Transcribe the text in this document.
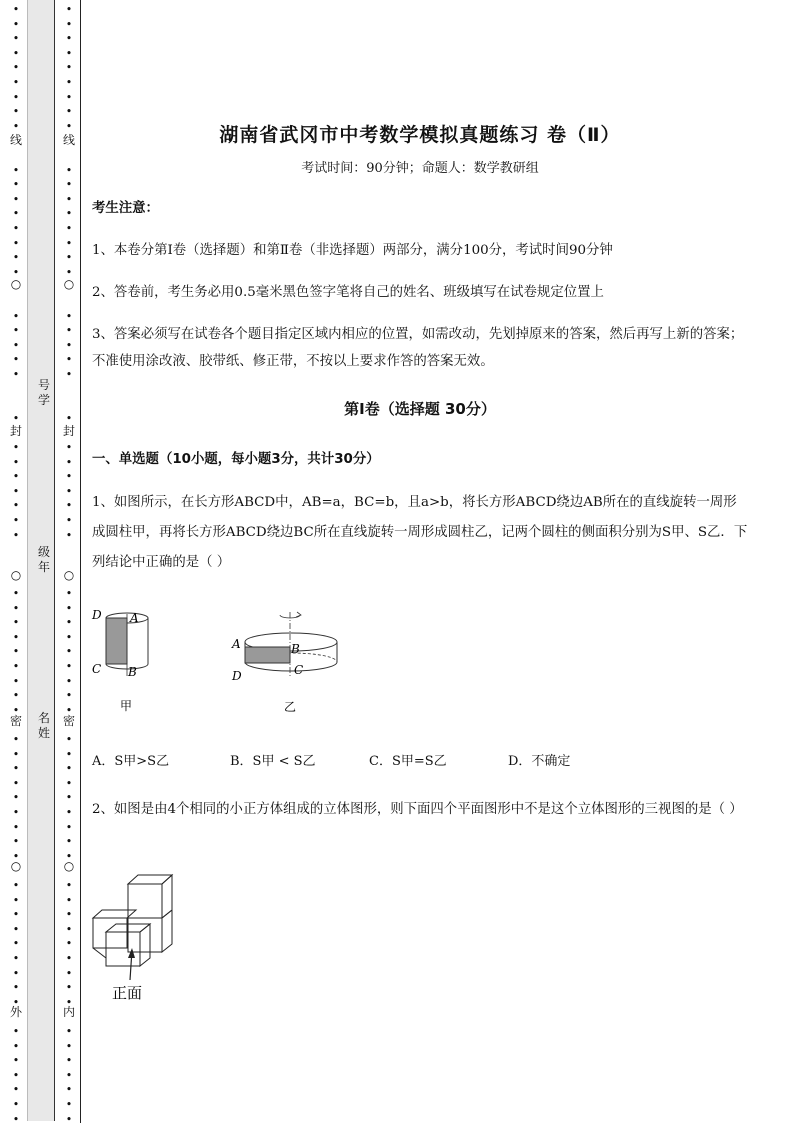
•
•
•
•
•
•
•
•
•
•
•
•
•
•
•
•
•
•
•
•
•
•
•
•
•
•
•
•
•
•
•
•
•
•
•
•
•
•
•
•
•
•
•
•
•
•
•
•
•
•
•
•
•
•
•
•
•
•
•
•
•
•
•
•
•
•
•
•
•
•
•
•
•
•
•
•
•
•
•
•
•
•
•
•
•
•
•
•
•
•
•
•
•
•
•
•
•
•
•
•
•
•
•
•
•
•
•
•
•
•
•
•
•
•
•
•
•
•
•
•
•
•
•
•
•
•
•
•
线
封
密
外
线
封
密
内
○
○
○
○
○
○
号学
级年
名姓
湖南省武冈市中考数学模拟真题练习 卷（Ⅱ）
考试时间：90分钟；命题人：数学教研组
考生注意：
1、本卷分第I卷（选择题）和第Ⅱ卷（非选择题）两部分，满分100分，考试时间90分钟
2、答卷前，考生务必用0.5毫米黑色签字笔将自己的姓名、班级填写在试卷规定位置上
3、答案必须写在试卷各个题目指定区域内相应的位置，如需改动，先划掉原来的答案，然后再写上新的答案；不准使用涂改液、胶带纸、修正带，不按以上要求作答的答案无效。
第I卷（选择题 30分）
一、单选题（10小题，每小题3分，共计30分）
1、如图所示，在长方形ABCD中，AB=a，BC=b，且a>b，将长方形ABCD绕边AB所在的直线旋转一周形成圆柱甲，再将长方形ABCD绕边BC所在直线旋转一周形成圆柱乙，记两个圆柱的侧面积分别为S甲、S乙．下列结论中正确的是（ ）
D A
C B
甲
A	B
C
D
乙
A．S甲>S乙	B．S甲 < S乙	C．S甲=S乙	D．不确定
2、如图是由4个相同的小正方体组成的立体图形，则下面四个平面图形中不是这个立体图形的三视图的是（ ）
正面
